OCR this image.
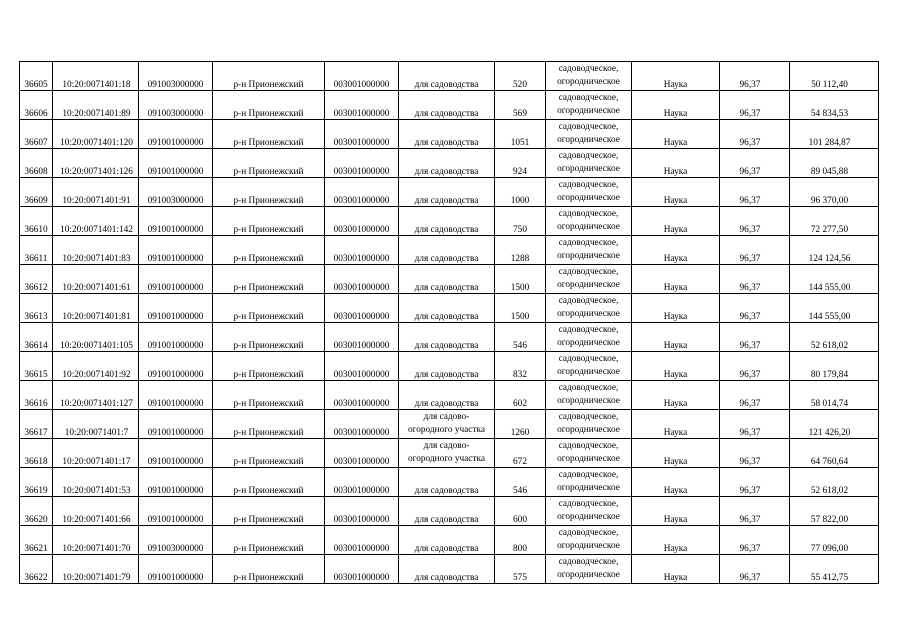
36605	10:20:0071401:18	091003000000	р-н Прионежский	003001000000	для садоводства	520	садоводческое,
огородническое	Наука	96,37	50 112,40
36606	10:20:0071401:89	091003000000	р-н Прионежский	003001000000	для садоводства	569	садоводческое,
огородническое	Наука	96,37	54 834,53
36607	10:20:0071401:120	091001000000	р-н Прионежский	003001000000	для садоводства	1051	садоводческое,
огородническое	Наука	96,37	101 284,87
36608	10:20:0071401:126	091001000000	р-н Прионежский	003001000000	для садоводства	924	садоводческое,
огородническое	Наука	96,37	89 045,88
36609	10:20:0071401:91	091003000000	р-н Прионежский	003001000000	для садоводства	1000	садоводческое,
огородническое	Наука	96,37	96 370,00
36610	10:20:0071401:142	091001000000	р-н Прионежский	003001000000	для садоводства	750	садоводческое,
огородническое	Наука	96,37	72 277,50
36611	10:20:0071401:83	091001000000	р-н Прионежский	003001000000	для садоводства	1288	садоводческое,
огородническое	Наука	96,37	124 124,56
36612	10:20:0071401:61	091001000000	р-н Прионежский	003001000000	для садоводства	1500	садоводческое,
огородническое	Наука	96,37	144 555,00
36613	10:20:0071401:81	091001000000	р-н Прионежский	003001000000	для садоводства	1500	садоводческое,
огородническое	Наука	96,37	144 555,00
36614	10:20:0071401:105	091001000000	р-н Прионежский	003001000000	для садоводства	546	садоводческое,
огородническое	Наука	96,37	52 618,02
36615	10:20:0071401:92	091001000000	р-н Прионежский	003001000000	для садоводства	832	садоводческое,
огородническое	Наука	96,37	80 179,84
36616	10:20:0071401:127	091001000000	р-н Прионежский	003001000000	для садоводства	602	садоводческое,
огородническое	Наука	96,37	58 014,74
36617	10:20:0071401:7	091001000000	р-н Прионежский	003001000000	для садово-
огородного участка	1260	садоводческое,
огородническое	Наука	96,37	121 426,20
36618	10:20:0071401:17	091001000000	р-н Прионежский	003001000000	для садово-
огородного участка	672	садоводческое,
огородническое	Наука	96,37	64 760,64
36619	10:20:0071401:53	091001000000	р-н Прионежский	003001000000	для садоводства	546	садоводческое,
огородническое	Наука	96,37	52 618,02
36620	10:20:0071401:66	091001000000	р-н Прионежский	003001000000	для садоводства	600	садоводческое,
огородническое	Наука	96,37	57 822,00
36621	10:20:0071401:70	091003000000	р-н Прионежский	003001000000	для садоводства	800	садоводческое,
огородническое	Наука	96,37	77 096,00
36622	10:20:0071401:79	091001000000	р-н Прионежский	003001000000	для садоводства	575	садоводческое,
огородническое	Наука	96,37	55 412,75
